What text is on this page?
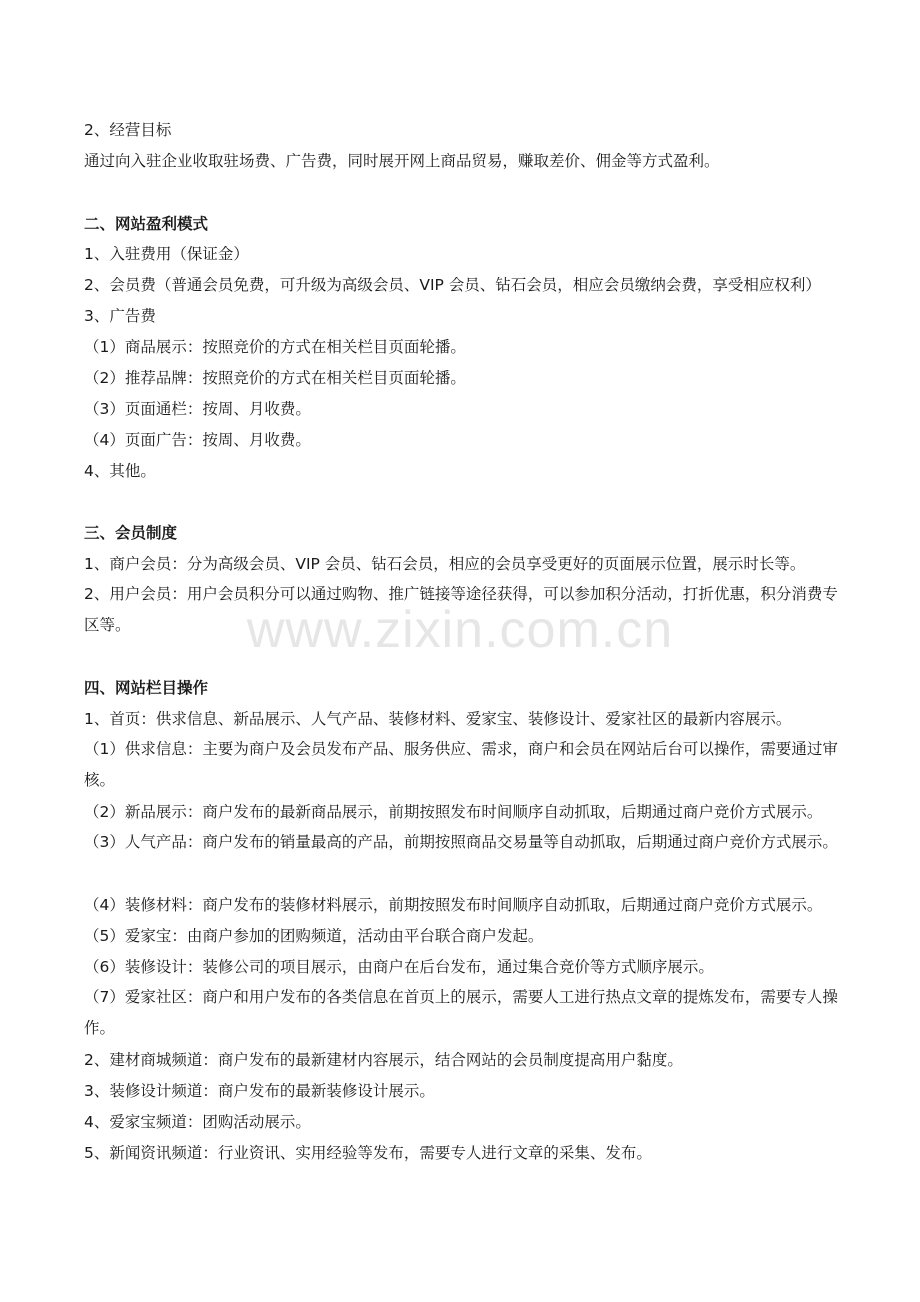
www.zixin.com.cn
2、经营目标
通过向入驻企业收取驻场费、广告费，同时展开网上商品贸易，赚取差价、佣金等方式盈利。
二、网站盈利模式
1、入驻费用（保证金）
2、会员费（普通会员免费，可升级为高级会员、VIP 会员、钻石会员，相应会员缴纳会费，享受相应权利）
3、广告费
（1）商品展示：按照竞价的方式在相关栏目页面轮播。
（2）推荐品牌：按照竞价的方式在相关栏目页面轮播。
（3）页面通栏：按周、月收费。
（4）页面广告：按周、月收费。
4、其他。
三、会员制度
1、商户会员：分为高级会员、VIP 会员、钻石会员，相应的会员享受更好的页面展示位置，展示时长等。
2、用户会员：用户会员积分可以通过购物、推广链接等途径获得，可以参加积分活动，打折优惠，积分消费专区等。
四、网站栏目操作
1、首页：供求信息、新品展示、人气产品、装修材料、爱家宝、装修设计、爱家社区的最新内容展示。
（1）供求信息：主要为商户及会员发布产品、服务供应、需求，商户和会员在网站后台可以操作，需要通过审核。
（2）新品展示：商户发布的最新商品展示，前期按照发布时间顺序自动抓取，后期通过商户竞价方式展示。
（3）人气产品：商户发布的销量最高的产品，前期按照商品交易量等自动抓取，后期通过商户竞价方式展示。
（4）装修材料：商户发布的装修材料展示，前期按照发布时间顺序自动抓取，后期通过商户竞价方式展示。
（5）爱家宝：由商户参加的团购频道，活动由平台联合商户发起。
（6）装修设计：装修公司的项目展示，由商户在后台发布，通过集合竞价等方式顺序展示。
（7）爱家社区：商户和用户发布的各类信息在首页上的展示，需要人工进行热点文章的提炼发布，需要专人操作。
2、建材商城频道：商户发布的最新建材内容展示，结合网站的会员制度提高用户黏度。
3、装修设计频道：商户发布的最新装修设计展示。
4、爱家宝频道：团购活动展示。
5、新闻资讯频道：行业资讯、实用经验等发布，需要专人进行文章的采集、发布。
